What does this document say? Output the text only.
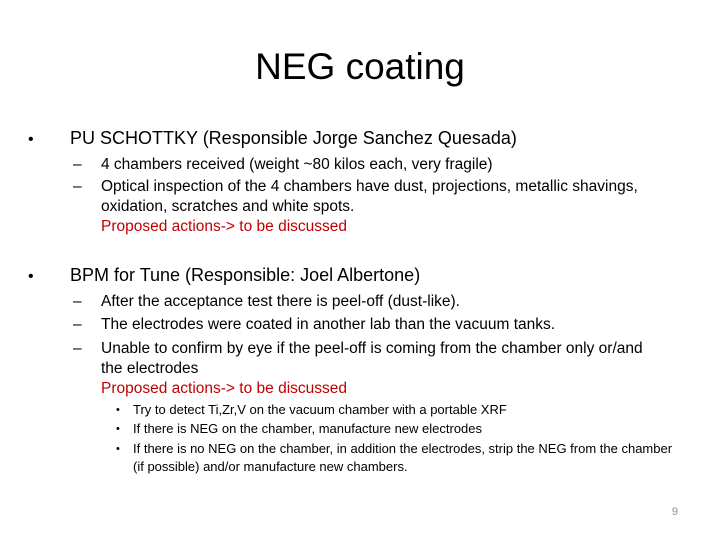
NEG coating
• PU SCHOTTKY (Responsible Jorge Sanchez Quesada)
– 4 chambers received (weight ~80 kilos each, very fragile)
– Optical inspection of the 4 chambers have dust, projections, metallic shavings, oxidation, scratches and white spots.
Proposed actions-> to be discussed
• BPM for Tune (Responsible: Joel Albertone)
– After the acceptance test there is peel-off (dust-like).
– The electrodes were coated in another lab than the vacuum tanks.
– Unable to confirm by eye if the peel-off is coming from the chamber only or/and the electrodes
Proposed actions-> to be discussed
• Try to detect Ti,Zr,V on the vacuum chamber with a portable XRF
• If there is NEG on the chamber, manufacture new electrodes
• If there is no NEG on the chamber, in addition the electrodes, strip the NEG from the chamber (if possible) and/or manufacture new chambers.
9
